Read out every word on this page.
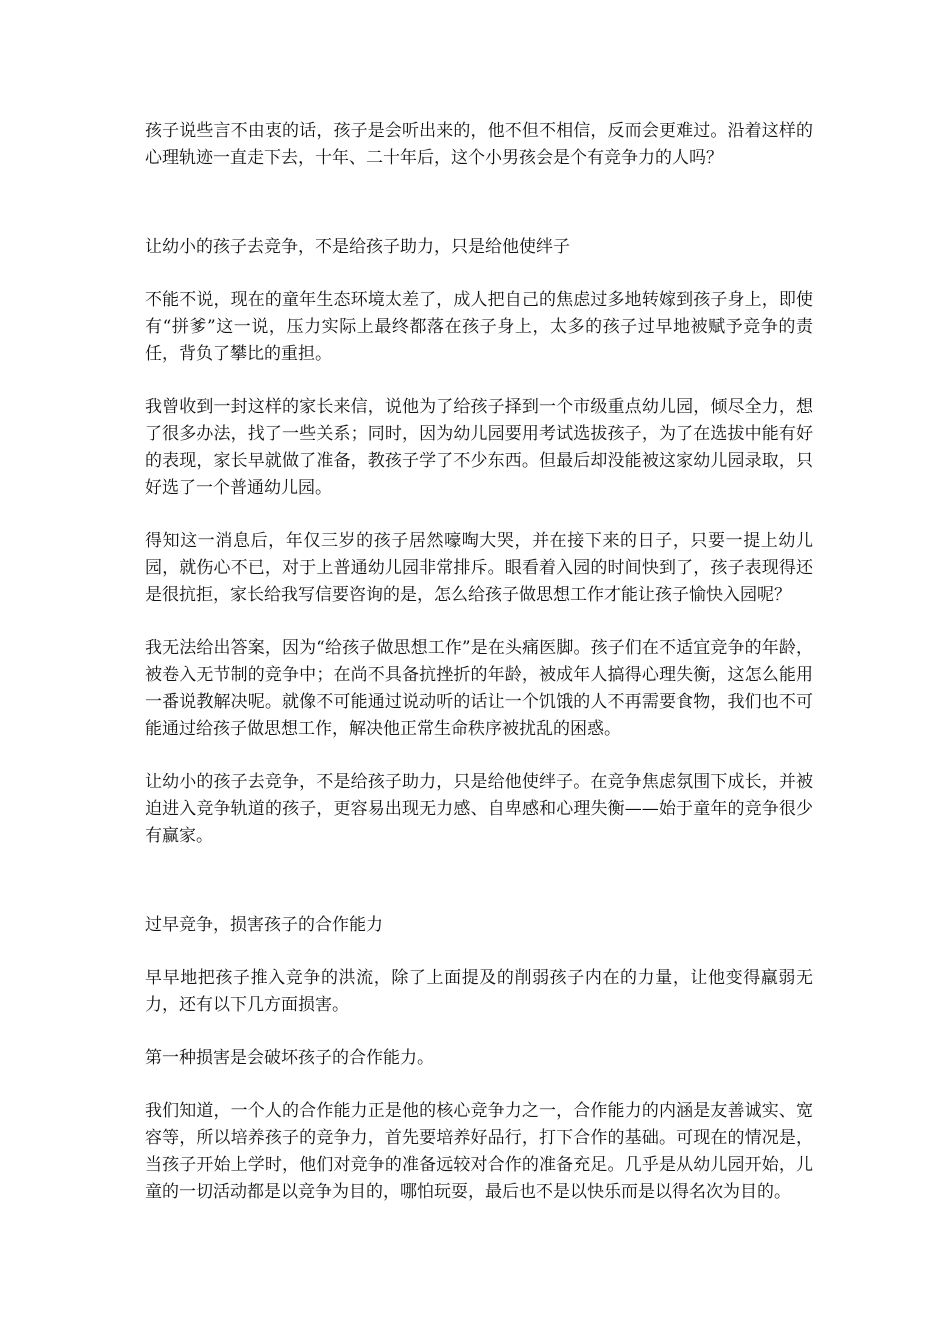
孩子说些言不由衷的话，孩子是会听出来的，他不但不相信，反而会更难过。沿着这样的心理轨迹一直走下去，十年、二十年后，这个小男孩会是个有竞争力的人吗？

让幼小的孩子去竞争，不是给孩子助力，只是给他使绊子

不能不说，现在的童年生态环境太差了，成人把自己的焦虑过多地转嫁到孩子身上，即使有“拼爹”这一说，压力实际上最终都落在孩子身上，太多的孩子过早地被赋予竞争的责任，背负了攀比的重担。

我曾收到一封这样的家长来信，说他为了给孩子择到一个市级重点幼儿园，倾尽全力，想了很多办法，找了一些关系；同时，因为幼儿园要用考试选拔孩子，为了在选拔中能有好的表现，家长早就做了准备，教孩子学了不少东西。但最后却没能被这家幼儿园录取，只好选了一个普通幼儿园。

得知这一消息后，年仅三岁的孩子居然嚎啕大哭，并在接下来的日子，只要一提上幼儿园，就伤心不已，对于上普通幼儿园非常排斥。眼看着入园的时间快到了，孩子表现得还是很抗拒，家长给我写信要咨询的是，怎么给孩子做思想工作才能让孩子愉快入园呢？

我无法给出答案，因为“给孩子做思想工作”是在头痛医脚。孩子们在不适宜竞争的年龄，被卷入无节制的竞争中；在尚不具备抗挫折的年龄，被成年人搞得心理失衡，这怎么能用一番说教解决呢。就像不可能通过说动听的话让一个饥饿的人不再需要食物，我们也不可能通过给孩子做思想工作，解决他正常生命秩序被扰乱的困惑。

让幼小的孩子去竞争，不是给孩子助力，只是给他使绊子。在竞争焦虑氛围下成长，并被迫进入竞争轨道的孩子，更容易出现无力感、自卑感和心理失衡——始于童年的竞争很少有赢家。

过早竞争，损害孩子的合作能力

早早地把孩子推入竞争的洪流，除了上面提及的削弱孩子内在的力量，让他变得羸弱无力，还有以下几方面损害。

第一种损害是会破坏孩子的合作能力。

我们知道，一个人的合作能力正是他的核心竞争力之一，合作能力的内涵是友善诚实、宽容等，所以培养孩子的竞争力，首先要培养好品行，打下合作的基础。可现在的情况是，当孩子开始上学时，他们对竞争的准备远较对合作的准备充足。几乎是从幼儿园开始，儿童的一切活动都是以竞争为目的，哪怕玩耍，最后也不是以快乐而是以得名次为目的。
